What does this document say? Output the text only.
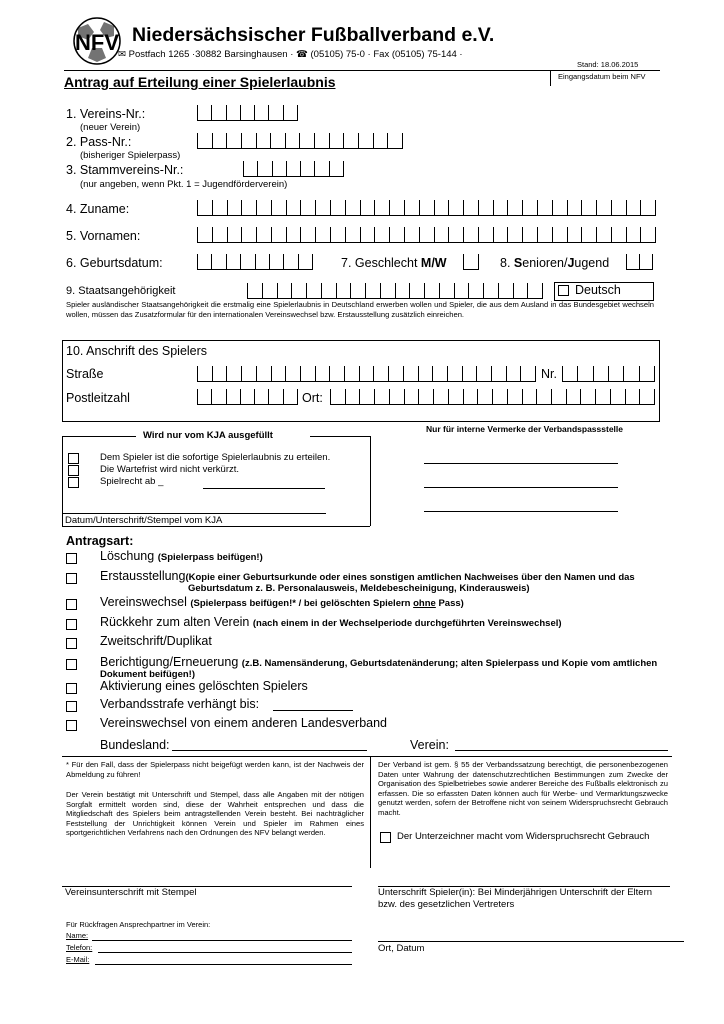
NFV Niedersächsischer Fußballverband e.V.
✉ Postfach 1265 ·30882 Barsinghausen · ☎ (05105) 75-0 · Fax (05105) 75-144 ·
Stand: 18.06.2015
Eingangsdatum beim NFV
Antrag auf Erteilung einer Spielerlaubnis
1. Vereins-Nr.:
(neuer Verein)
2. Pass-Nr.:
(bisheriger Spielerpass)
3. Stammvereins-Nr.:
(nur angeben, wenn Pkt. 1 = Jugendförderverein)
4. Zuname:
5. Vornamen:
6. Geburtsdatum:	7. Geschlecht M/W	8. Senioren/Jugend
9. Staatsangehörigkeit	Deutsch
Spieler ausländischer Staatsangehörigkeit die erstmalig eine Spielerlaubnis in Deutschland erwerben wollen und Spieler, die aus dem Ausland in das Bundesgebiet wechseln wollen, müssen das Zusatzformular für den internationalen Vereinswechsel bzw. Erstausstellung zusätzlich einreichen.
10. Anschrift des Spielers
Straße	Nr.
Postleitzahl	Ort:
Wird nur vom KJA ausgefüllt
Dem Spieler ist die sofortige Spielerlaubnis zu erteilen.
Die Wartefrist wird nicht verkürzt.
Spielrecht ab _
Datum/Unterschrift/Stempel vom KJA
Nur für interne Vermerke der Verbandspassstelle
Antragsart:
Löschung (Spielerpass beifügen!)
Erstausstellung(Kopie einer Geburtsurkunde oder eines sonstigen amtlichen Nachweises über den Namen und das
Geburtsdatum z. B. Personalausweis, Meldebescheinigung, Kinderausweis)
Vereinswechsel (Spielerpass beifügen!* / bei gelöschten Spielern ohne Pass)
Rückkehr zum alten Verein (nach einem in der Wechselperiode durchgeführten Vereinswechsel)
Zweitschrift/Duplikat
Berichtigung/Erneuerung (z.B. Namensänderung, Geburtsdatenänderung; alten Spielerpass und Kopie vom amtlichen
Dokument beifügen!)
Aktivierung eines gelöschten Spielers
Verbandsstrafe verhängt bis:
Vereinswechsel von einem anderen Landesverband
Bundesland:	Verein:
* Für den Fall, dass der Spielerpass nicht beigefügt werden kann, ist der Nachweis der Abmeldung zu führen!
Der Verein bestätigt mit Unterschrift und Stempel, dass alle Angaben mit der nötigen Sorgfalt ermittelt worden sind, diese der Wahrheit entsprechen und dass die Mitgliedschaft des Spielers beim antragstellenden Verein besteht. Bei nachträglicher Feststellung der Unrichtigkeit können Verein und Spieler im Rahmen eines sportgerichtlichen Verfahrens nach den Ordnungen des NFV belangt werden.
Der Verband ist gem. § 55 der Verbandssatzung berechtigt, die personenbezogenen Daten unter Wahrung der datenschutzrechtlichen Bestimmungen zum Zwecke der Organisation des Spielbetriebes sowie anderer Bereiche des Fußballs elektronisch zu erfassen. Die so erfassten Daten können auch für Werbe- und Vermarktungszwecke genutzt werden, sofern der Betroffene nicht von seinem Widerspruchsrecht Gebrauch macht.
Der Unterzeichner macht vom Widerspruchsrecht Gebrauch
Vereinsunterschrift mit Stempel	Unterschrift Spieler(in): Bei Minderjährigen Unterschrift der Eltern
bzw. des gesetzlichen Vertreters
Für Rückfragen Ansprechpartner im Verein:
Name:
Telefon:
E-Mail:
Ort, Datum
